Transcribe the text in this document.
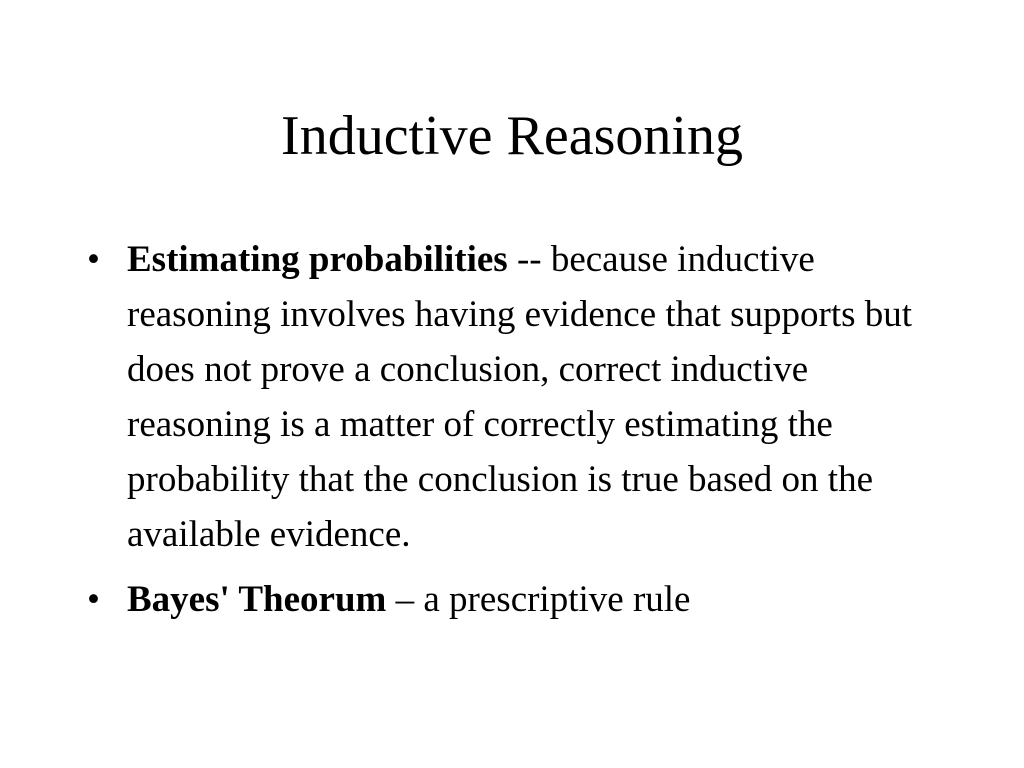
Inductive Reasoning
• Estimating probabilities -- because inductive reasoning involves having evidence that supports but does not prove a conclusion, correct inductive reasoning is a matter of correctly estimating the probability that the conclusion is true based on the available evidence.
• Bayes' Theorum – a prescriptive rule
